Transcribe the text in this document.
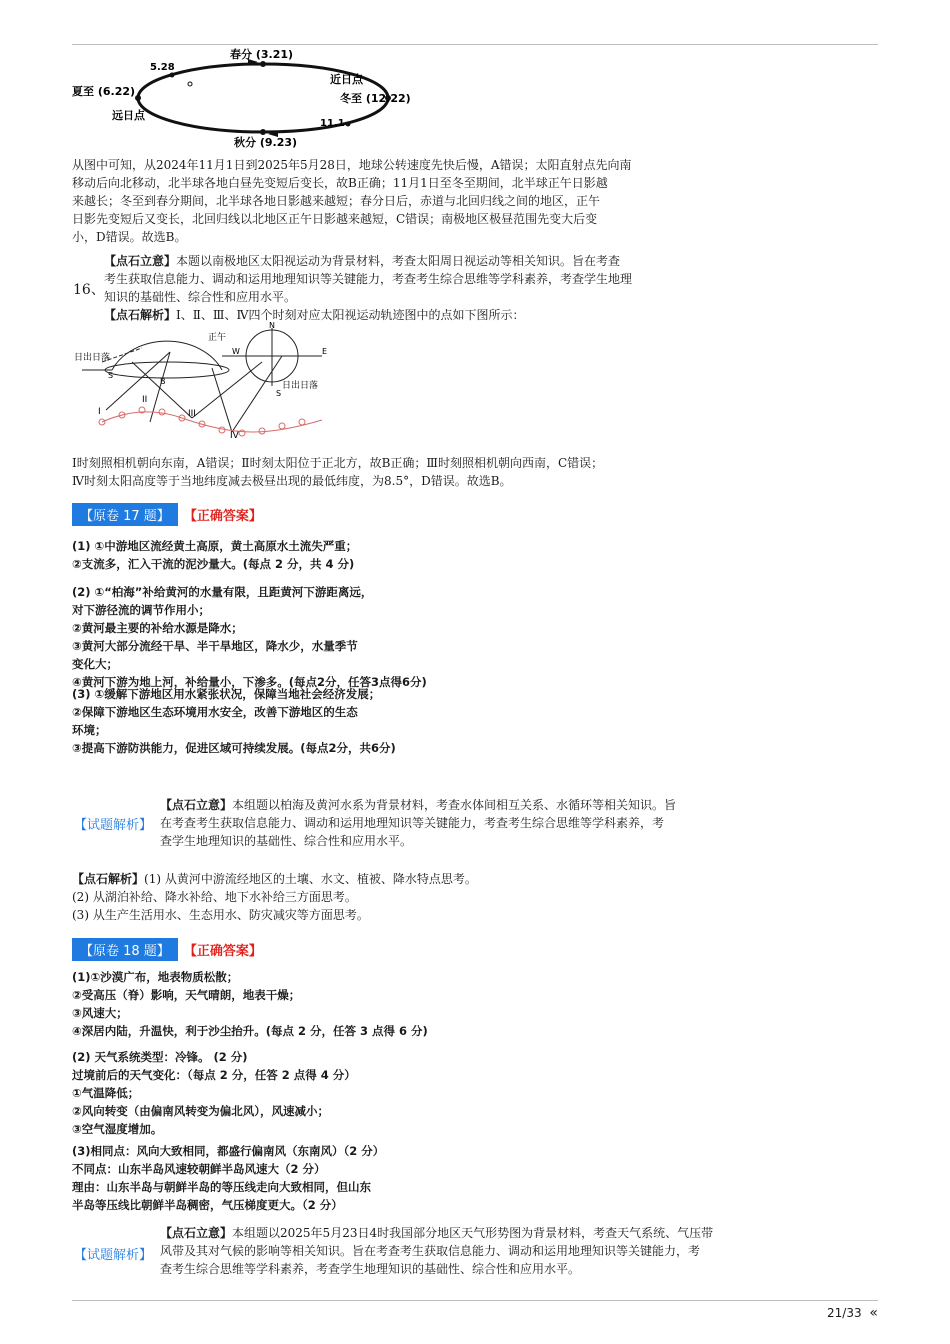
春分 (3.21)
5.28
夏至 (6.22)
远日点
近日点
冬至 (12.22)
11.1
秋分 (9.23)
从图中可知，从2024年11月1日到2025年5月28日，地球公转速度先快后慢，A错误；太阳直射点先向南
移动后向北移动，北半球各地白昼先变短后变长，故B正确；11月1日至冬至期间，北半球正午日影越
来越长；冬至到春分期间，北半球各地日影越来越短；春分日后，赤道与北回归线之间的地区，正午
日影先变短后又变长，北回归线以北地区正午日影越来越短，C错误；南极地区极昼范围先变大后变
小，D错误。故选B。
16、
【点石立意】本题以南极地区太阳视运动为背景材料，考查太阳周日视运动等相关知识。旨在考查
考生获取信息能力、调动和运用地理知识等关键能力，考查考生综合思维等学科素养，考查学生地理
知识的基础性、综合性和应用水平。
【点石解析】Ⅰ、Ⅱ、Ⅲ、Ⅳ四个时刻对应太阳视运动轨迹图中的点如下图所示：
正午
日出日落
S
B
N
W	E
S
日出日落
I
II
III
IV
Ⅰ时刻照相机朝向东南，A错误；Ⅱ时刻太阳位于正北方，故B正确；Ⅲ时刻照相机朝向西南，C错误；
Ⅳ时刻太阳高度等于当地纬度减去极昼出现的最低纬度，为8.5°，D错误。故选B。
【原卷 17 题】	【正确答案】
(1) ①中游地区流经黄土高原，黄土高原水土流失严重；
②支流多，汇入干流的泥沙量大。(每点 2 分，共 4 分)
(2) ①“柏海”补给黄河的水量有限，且距黄河下游距离远，
对下游径流的调节作用小；
②黄河最主要的补给水源是降水；
③黄河大部分流经干旱、半干旱地区，降水少，水量季节
变化大；
④黄河下游为地上河，补给量小，下渗多。(每点2分，任答3点得6分)
(3) ①缓解下游地区用水紧张状况，保障当地社会经济发展；
②保障下游地区生态环境用水安全，改善下游地区的生态
环境；
③提高下游防洪能力，促进区域可持续发展。(每点2分，共6分)
【试题解析】
【点石立意】本组题以柏海及黄河水系为背景材料，考查水体间相互关系、水循环等相关知识。旨
在考查考生获取信息能力、调动和运用地理知识等关键能力，考查考生综合思维等学科素养，考
查学生地理知识的基础性、综合性和应用水平。
【点石解析】(1) 从黄河中游流经地区的土壤、水文、植被、降水特点思考。
(2) 从湖泊补给、降水补给、地下水补给三方面思考。
(3) 从生产生活用水、生态用水、防灾减灾等方面思考。
【原卷 18 题】	【正确答案】
(1)①沙漠广布，地表物质松散；
②受高压（脊）影响，天气晴朗，地表干燥；
③风速大；
④深居内陆，升温快，利于沙尘抬升。(每点 2 分，任答 3 点得 6 分)
(2) 天气系统类型：冷锋。 (2 分)
过境前后的天气变化：（每点 2 分，任答 2 点得 4 分）
①气温降低；
②风向转变（由偏南风转变为偏北风），风速减小；
③空气湿度增加。
(3)相同点：风向大致相同，都盛行偏南风（东南风）（2 分）
不同点：山东半岛风速较朝鲜半岛风速大（2 分）
理由：山东半岛与朝鲜半岛的等压线走向大致相同，但山东
半岛等压线比朝鲜半岛稠密，气压梯度更大。（2 分）
【试题解析】
【点石立意】本组题以2025年5月23日4时我国部分地区天气形势图为背景材料，考查天气系统、气压带
风带及其对气候的影响等相关知识。旨在考查考生获取信息能力、调动和运用地理知识等关键能力，考
查考生综合思维等学科素养，考查学生地理知识的基础性、综合性和应用水平。
21/33 «
